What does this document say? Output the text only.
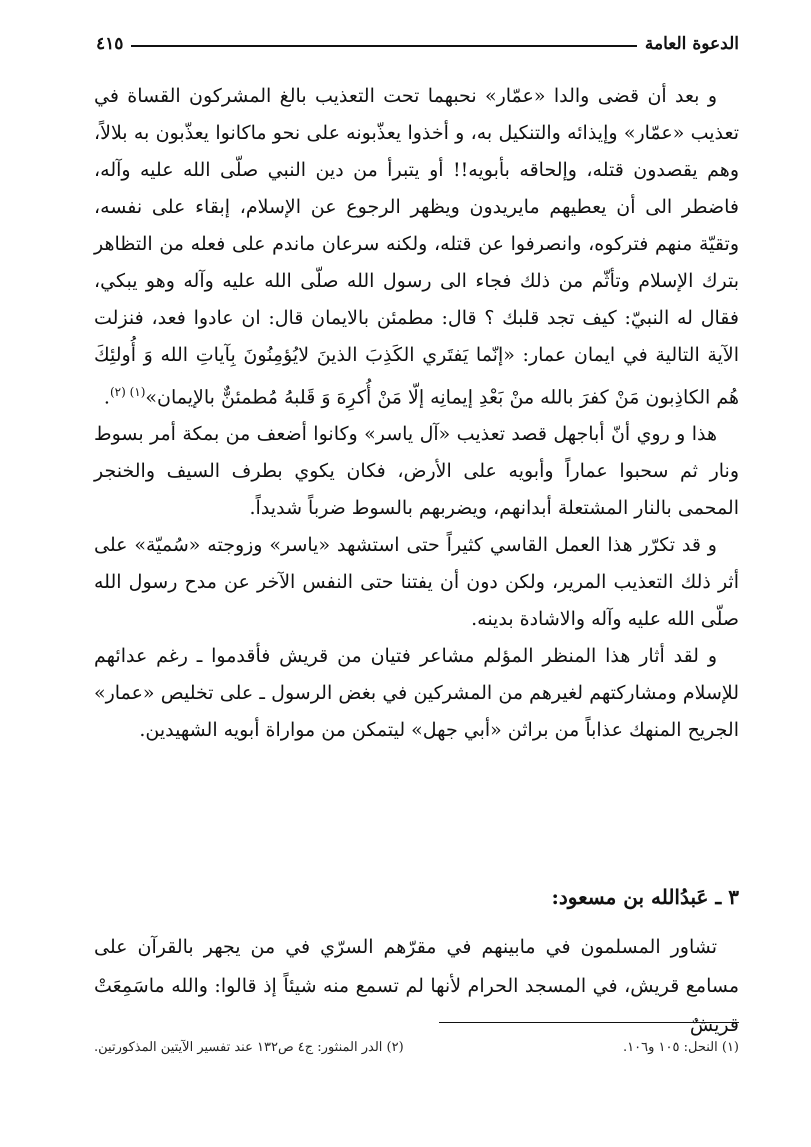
الدعوة العامة
٤١٥

و بعد أن قضى والدا «عمّار» نحبهما تحت التعذيب بالغ المشركون القساة في تعذيب «عمّار» وإيذائه والتنكيل به، و أخذوا يعذّبونه على نحو ماكانوا يعذّبون به بلالاً، وهم يقصدون قتله، وإلحاقه بأبويه!! أو يتبرأ من دين النبي صلّى الله عليه وآله، فاضطر الى أن يعطيهم مايريدون ويظهر الرجوع عن الإسلام، إبقاء على نفسه، وتقيّة منهم فتركوه، وانصرفوا عن قتله، ولكنه سرعان ماندم على فعله من التظاهر بترك الإسلام وتأثّم من ذلك فجاء الى رسول الله صلّى الله عليه وآله وهو يبكي، فقال له النبيّ: كيف تجد قلبك ؟ قال: مطمئن بالايمان قال: ان عادوا فعد، فنزلت الآية التالية في ايمان عمار: «إنّما يَفتَري الكَذِبَ الذينَ لايُؤمِنُونَ بِآياتِ الله وَ أُولئِكَ هُم الكاذِبون مَنْ كفرَ بالله منْ بَعْدِ إيمانِه إلّا مَنْ أُكرِهَ وَ قَلبهُ مُطمئنٌّ بالإيمان»$^{(١) (٢)}$.

هذا و روي أنّ أباجهل قصد تعذيب «آل ياسر» وكانوا أضعف من بمكة أمر بسوط ونار ثم سحبوا عماراً وأبويه على الأرض، فكان يكوي بطرف السيف والخنجر المحمى بالنار المشتعلة أبدانهم، ويضربهم بالسوط ضرباً شديداً.

و قد تكرّر هذا العمل القاسي كثيراً حتى استشهد «ياسر» وزوجته «سُميّة» على أثر ذلك التعذيب المرير، ولكن دون أن يفتنا حتى النفس الآخر عن مدح رسول الله صلّى الله عليه وآله والاشادة بدينه.

و لقد أثار هذا المنظر المؤلم مشاعر فتيان من قريش فأقدموا ـ رغم عدائهم للإسلام ومشاركتهم لغيرهم من المشركين في بغض الرسول ـ على تخليص «عمار» الجريح المنهك عذاباً من براثن «أبي جهل» ليتمكن من مواراة أبويه الشهيدين.

٣ ـ عَبدُالله بن مسعود:

تشاور المسلمون في مابينهم في مقرّهم السرّي في من يجهر بالقرآن على مسامع قريش، في المسجد الحرام لأنها لم تسمع منه شيئاً إذ قالوا: والله ماسَمِعَتْ قريشٌ

(١) النحل: ١٠٥ و١٠٦.
(٢) الدر المنثور: ج٤ ص١٣٢ عند تفسير الآيتين المذكورتين.
